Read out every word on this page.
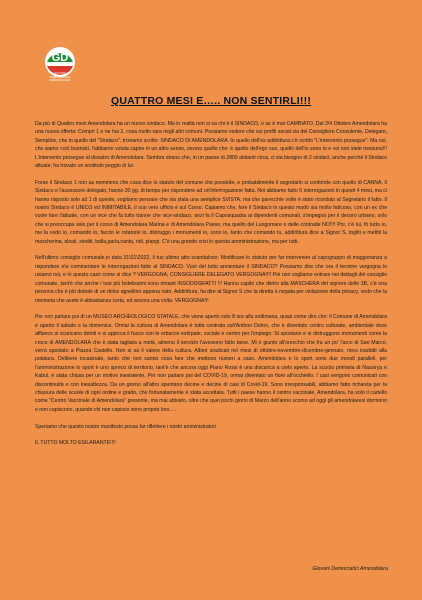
GD
GIOVANI DEMOCRATICI AMENDOLARA
QUATTRO MESI E….. NON SENTIRLI!!!

Da più di Quattro mesi Amendolara ha un nuovo sindaco. Ma in realtà non si sa chi è il SINDACO, o se è mai CAMBIATO. Dal 3\4 Ottobre Amendolara ha una nuova offerta: Compri 1 e ne hai 2, cosa molto rara negli altri comuni. Possiamo vedere che sui profili social sia del Consigliere Consulente, Delegato, Semplice, che in quello del "Sindaco", troviamo scritto: SINDACO DI AMENDOLARA. In quello dell'ex addirittura c'è scritto "L'intervento prosegue". Ma noi, che siamo così buonisti, l'abbiamo voluta capire in un altro senso, ovvero quello che: è quello dell'ego suo, quello dell'io sono io e voi non siete nessuno!!! L'intervento prosegue al disastro di Amendolara. Sembra strano che, in un paese di 2800 abitanti circa, ci sia bisogno di 2 sindaci, anche perché il Sindaco attuale, ha trovato un sostituto peggio di lui.

Forse il Sindaco 1 non sa nemmeno che cosa dice lo statuto del comune che presiede, e probabilmente il segretario si confonde con quello di CANNA. Il Sindaco e l'assessore delegato, hanno 30 gg. di tempo per rispondere ad un'interrogazione fatta. Noi abbiamo fatto 5 interrogazioni in questi 4 mesi, ma ci hanno risposto solo ad 1 di queste, vogliamo pensare che sia stata una semplice SVISTA, ma che parecchie volte è stato ricordato al Segretario il fatto. Il nostro Sindaco è UNICO ed INIMITABILE, il suo vero ufficio è sul Corso. Capiamo che, fare il Sindaco in questo modo sia molto faticoso, con un ex che vuole fare l'attuale, con un vice che fa tutto tranne che vice-sindaco, anzi fa il Caposquadra ai dipendenti comunali, s'impegna per il decoro urbano, solo che si preoccupa solo per il corso di Amendolara Marina e di Amendolara Paese, ma quello del Lungomare o delle contrade NO!!!! Poi, c'è lui, fò tutto io, me la vedo io, comando io, faccio le rotatorie io, distruggo i monumenti io, sono io, tanto che comando tu, addirittura dice a Signor S, togliti e mettiti la mascherina, alzati, siediti, balla,parla,canta, ridi, piangi. C'è una grande crisi in questa amministrazione, ma per tutti.

Nell'ultimo consiglio comunale,in data 31\01\2022, il tuo ultimo atto scandaloso: Modificare lo statuto per far intervenire al capogruppo di maggioranza a rispondere e\o commentare le interrogazioni fatte al SINDACO. Vuoi del tutto annientare il SINDACO? Possiamo dire che ora il termine vergogna lo usiamo noi, e in questo caso come si dice ? VERGOGNA, CONSIGLIERE DELEGATO VERGOGNA!!!! Poi non vogliamo entrare nei dettagli del consiglio comunale, tant'è che anche i tuoi più fedelissimi sono rimasti INSODDISFATTI !!! Hanno capito che dietro alla MASCHERA del signore delle 3B, c'è una persona che è più debole di un dolce agnellino appena nato. Addirittura, fai dire al Signor S che la diretta è negata per violazione della privacy, vedo che la memoria che avete è abbastanza corta, ed ancora una volta. VERGOGNA!!!

Per non parlare poi di un MUSEO ARCHEOLOGICO STATALE, che viene aperto solo 8 ore alla settimana, quasi come dire che: il Comune di Amendolara è aperto il sabato e la domenica. Ormai la cultura di Amendolara è tutta centrata sull'Anthon Dohrn, che è diventato centro culturale, ambientale dove affianco si scaricano detriti e si appicca il fuoco con le erbacce estirpate, sociale e centro per l'impiego. Si spostano e si distruggono monumenti come la croce di AMENDOLARA che è stata tagliata a metà, almeno il servizio l'avessero fatto bene. Mi è giunto all'orecchio che fra un po' l'arco di San Marco, verrà spostato a Piazza Castello. Non si sa il valore della cultura. Alberi sradicati nei mesi di ottobre-novembre-dicembre-gennaio, mesi inadatti alla potatura. Delibere incasinate, tanto che non sanno cosa fare che mettono numeri a caso. Amendolara e lo sport sono due mondi paralleli, per l'amministrazione lo sport è uno spreco di territorio, tant'è che ancora oggi Piano Rossi è una discarica a cielo aperto. La scuola primaria di Nassirya e Kabul, è stata chiusa per un motivo inesistente. Per non parlare poi del COVID-19, ormai diventato un fiore all'occhiello. I casi vengono comunicati con discontinuità e con inesattezza. Da un giorno all'altro spuntano decine e decine di casi di Covid-19. Sono irresponsabili, abbiamo fatto richiesta per la chiusura delle scuole di ogni ordine e grado, che fortunatamente è stata accettata. Tutti i paese hanno il centro vaccinale, Amendolara, ha solo il cartello come "Centro Vaccinale di Amendolara" presente, ma mai attivato, oltre che quei pochi giorni di Marzo dell'anno scorso ad oggi gli amendolaresi dormono e non capiscono, quando chi non capisce sono proprio loro….

Speriamo che questo nostro manifesto possa far riflettere i nostri amministratori

IL TUTTO MOLTO ESILARANTE!!!!

Giovani Democratici Amendolara
